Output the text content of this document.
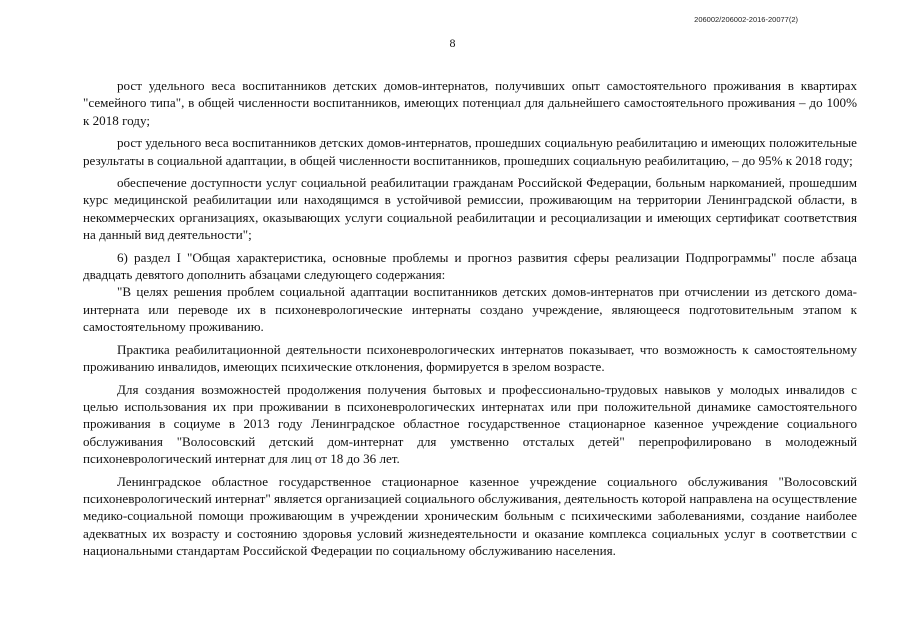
206002/206002-2016-20077(2)
8

рост удельного веса воспитанников детских домов-интернатов, получивших опыт самостоятельного проживания в квартирах "семейного типа", в общей численности воспитанников, имеющих потенциал для дальнейшего самостоятельного проживания – до 100% к 2018 году;

рост удельного веса воспитанников детских домов-интернатов, прошедших социальную реабилитацию и имеющих положительные результаты в социальной адаптации, в общей численности воспитанников, прошедших социальную реабилитацию, – до 95% к 2018 году;

обеспечение доступности услуг социальной реабилитации гражданам Российской Федерации, больным наркоманией, прошедшим курс медицинской реабилитации или находящимся в устойчивой ремиссии, проживающим на территории Ленинградской области, в некоммерческих организациях, оказывающих услуги социальной реабилитации и ресоциализации и имеющих сертификат соответствия на данный вид деятельности";

6) раздел I "Общая характеристика, основные проблемы и прогноз развития сферы реализации Подпрограммы" после абзаца двадцать девятого дополнить абзацами следующего содержания:

"В целях решения проблем социальной адаптации воспитанников детских домов-интернатов при отчислении из детского дома-интерната или переводе их в психоневрологические интернаты создано учреждение, являющееся подготовительным этапом к самостоятельному проживанию.

Практика реабилитационной деятельности психоневрологических интернатов показывает, что возможность к самостоятельному проживанию инвалидов, имеющих психические отклонения, формируется в зрелом возрасте.

Для создания возможностей продолжения получения бытовых и профессионально-трудовых навыков у молодых инвалидов с целью использования их при проживании в психоневрологических интернатах или при положительной динамике самостоятельного проживания в социуме в 2013 году Ленинградское областное государственное стационарное казенное учреждение социального обслуживания "Волосовский детский дом-интернат для умственно отсталых детей" перепрофилировано в молодежный психоневрологический интернат для лиц от 18 до 36 лет.

Ленинградское областное государственное стационарное казенное учреждение социального обслуживания "Волосовский психоневрологический интернат" является организацией социального обслуживания, деятельность которой направлена на осуществление медико-социальной помощи проживающим в учреждении хроническим больным с психическими заболеваниями, создание наиболее адекватных их возрасту и состоянию здоровья условий жизнедеятельности и оказание комплекса социальных услуг в соответствии с национальными стандартам Российской Федерации по социальному обслуживанию населения.
